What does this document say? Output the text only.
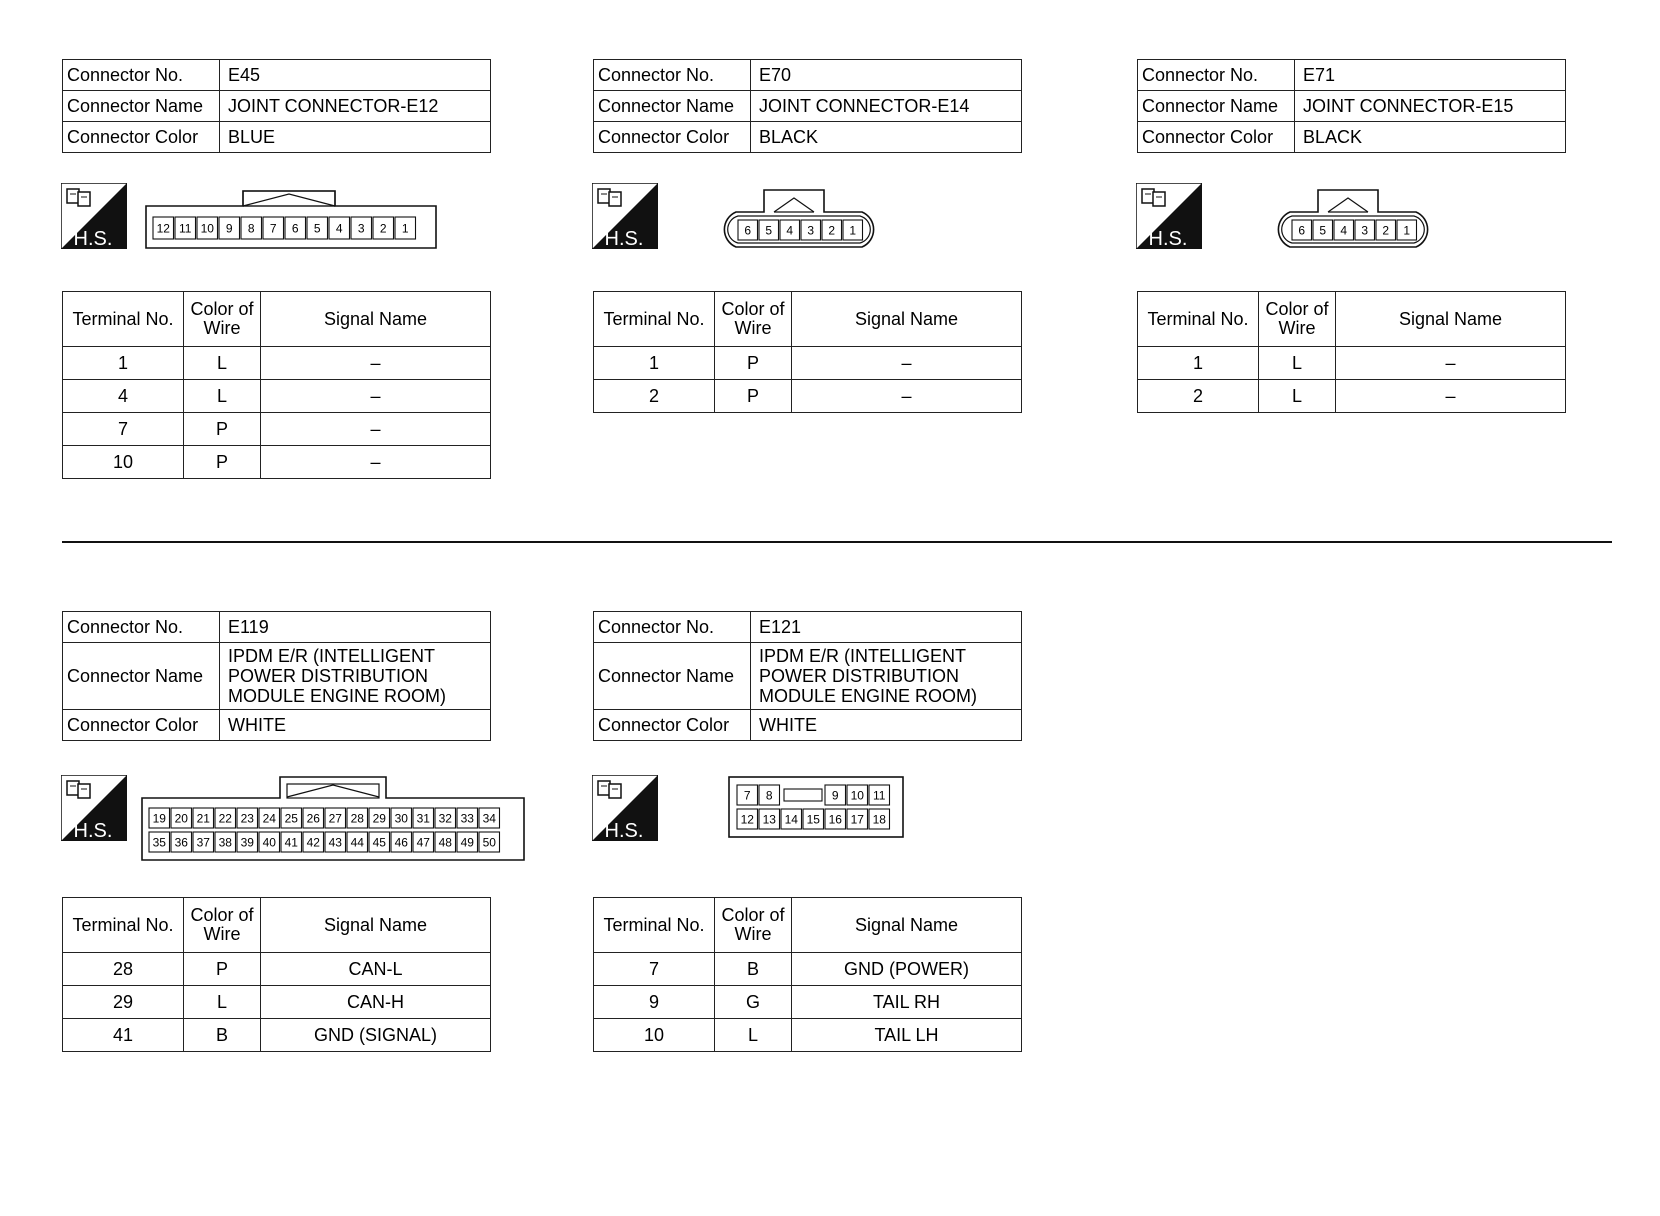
Connector No.	E45
Connector Name	JOINT CONNECTOR-E12
Connector Color	BLUE
H.S.	12 11 10 9 8 7 6 5 4 3 2 1
Terminal No.	Color of Wire	Signal Name
1	L	–
4	L	–
7	P	–
10	P	–
Connector No.	E70
Connector Name	JOINT CONNECTOR-E14
Connector Color	BLACK
H.S.	6 5 4 3 2 1
Terminal No.	Color of Wire	Signal Name
1	P	–
2	P	–
Connector No.	E71
Connector Name	JOINT CONNECTOR-E15
Connector Color	BLACK
H.S.	6 5 4 3 2 1
Terminal No.	Color of Wire	Signal Name
1	L	–
2	L	–
Connector No.	E119
Connector Name	IPDM E/R (INTELLIGENT POWER DISTRIBUTION MODULE ENGINE ROOM)
Connector Color	WHITE
H.S.
19 20 21 22 23 24 25 26 27 28 29 30 31 32 33 34
35 36 37 38 39 40 41 42 43 44 45 46 47 48 49 50
Terminal No.	Color of Wire	Signal Name
28	P	CAN-L
29	L	CAN-H
41	B	GND (SIGNAL)
Connector No.	E121
Connector Name	IPDM E/R (INTELLIGENT POWER DISTRIBUTION MODULE ENGINE ROOM)
Connector Color	WHITE
H.S.
7 8	9 10 11
12 13 14 15 16 17 18
Terminal No.	Color of Wire	Signal Name
7	B	GND (POWER)
9	G	TAIL RH
10	L	TAIL LH
